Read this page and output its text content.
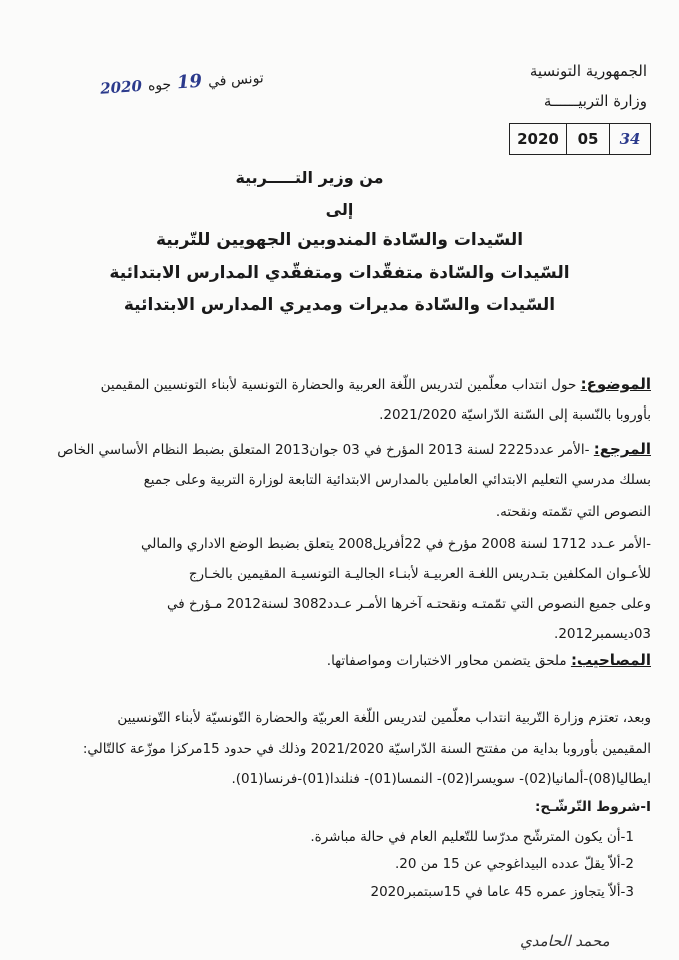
الجمهورية التونسية
وزارة التربيــــــة
2020	05	34
تونس في
19
جوه
2020
من وزير التـــــربية
إلى
السّيدات والسّادة المندوبين الجهويين للتّربية
السّيدات والسّادة متفقّدات ومتفقّدي المدارس الابتدائية
السّيدات والسّادة مديرات ومديري المدارس الابتدائية
الموضوع: حول انتداب معلّمين لتدريس اللّغة العربية والحضارة التونسية لأبناء التونسيين المقيمين
بأوروبا بالنّسبة إلى السّنة الدّراسيّة 2021/2020.
المرجع: -الأمر عدد2225 لسنة 2013 المؤرخ في 03 جوان2013 المتعلق بضبط النظام الأساسي الخاص
بسلك مدرسي التعليم الابتدائي العاملين بالمدارس الابتدائية التابعة لوزارة التربية وعلى جميع
النصوص التي تمّمته ونقحته.
-الأمر عـدد 1712 لسنة 2008 مؤرخ في 22أفريل2008 يتعلق بضبط الوضع الاداري والمالي
للأعـوان المكلفين بتـدريس اللغـة العربيـة لأبنـاء الجاليـة التونسيـة المقيمين بالخـارج
وعلى جميع النصوص التي تمّمتـه ونقحتـه آخرها الأمـر عـدد3082 لسنة2012 مـؤرخ في
03ديسمبر2012.
المصاحيب: ملحق يتضمن محاور الاختبارات ومواصفاتها.
وبعد، تعتزم وزارة التّربية انتداب معلّمين لتدريس اللّغة العربيّة والحضارة التّونسيّة لأبناء التّونسيين
المقيمين بأوروبا بداية من مفتتح السنة الدّراسيّة 2021/2020 وذلك في حدود 15مركزا موزّعة كالتّالي:
ايطاليا(08)-ألمانيا(02)- سويسرا(02)- النمسا(01)- فنلندا(01)-فرنسا(01).
I-شروط التّرشّـح:
1-أن يكون المترشّح مدرّسا للتّعليم العام في حالة مباشرة.
2-ألاّ يقلّ عدده البيداغوجي عن 15 من 20.
3-ألاّ يتجاوز عمره 45 عاما في 15سبتمبر2020
محمد الحامدي
